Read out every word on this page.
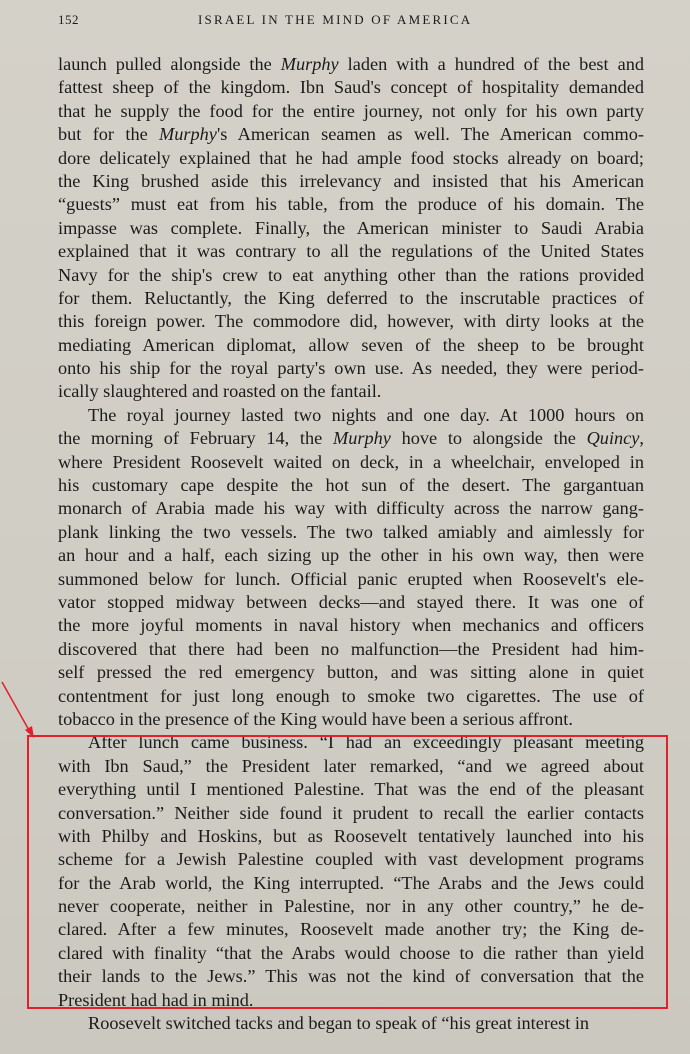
152	ISRAEL IN THE MIND OF AMERICA
launch pulled alongside the Murphy laden with a hundred of the best and
fattest sheep of the kingdom. Ibn Saud's concept of hospitality demanded
that he supply the food for the entire journey, not only for his own party
but for the Murphy's American seamen as well. The American commo-
dore delicately explained that he had ample food stocks already on board;
the King brushed aside this irrelevancy and insisted that his American
“guests” must eat from his table, from the produce of his domain. The
impasse was complete. Finally, the American minister to Saudi Arabia
explained that it was contrary to all the regulations of the United States
Navy for the ship's crew to eat anything other than the rations provided
for them. Reluctantly, the King deferred to the inscrutable practices of
this foreign power. The commodore did, however, with dirty looks at the
mediating American diplomat, allow seven of the sheep to be brought
onto his ship for the royal party's own use. As needed, they were period-
ically slaughtered and roasted on the fantail.
The royal journey lasted two nights and one day. At 1000 hours on
the morning of February 14, the Murphy hove to alongside the Quincy,
where President Roosevelt waited on deck, in a wheelchair, enveloped in
his customary cape despite the hot sun of the desert. The gargantuan
monarch of Arabia made his way with difficulty across the narrow gang-
plank linking the two vessels. The two talked amiably and aimlessly for
an hour and a half, each sizing up the other in his own way, then were
summoned below for lunch. Official panic erupted when Roosevelt's ele-
vator stopped midway between decks—and stayed there. It was one of
the more joyful moments in naval history when mechanics and officers
discovered that there had been no malfunction—the President had him-
self pressed the red emergency button, and was sitting alone in quiet
contentment for just long enough to smoke two cigarettes. The use of
tobacco in the presence of the King would have been a serious affront.
After lunch came business. “I had an exceedingly pleasant meeting
with Ibn Saud,” the President later remarked, “and we agreed about
everything until I mentioned Palestine. That was the end of the pleasant
conversation.” Neither side found it prudent to recall the earlier contacts
with Philby and Hoskins, but as Roosevelt tentatively launched into his
scheme for a Jewish Palestine coupled with vast development programs
for the Arab world, the King interrupted. “The Arabs and the Jews could
never cooperate, neither in Palestine, nor in any other country,” he de-
clared. After a few minutes, Roosevelt made another try; the King de-
clared with finality “that the Arabs would choose to die rather than yield
their lands to the Jews.” This was not the kind of conversation that the
President had had in mind.
Roosevelt switched tacks and began to speak of “his great interest in
